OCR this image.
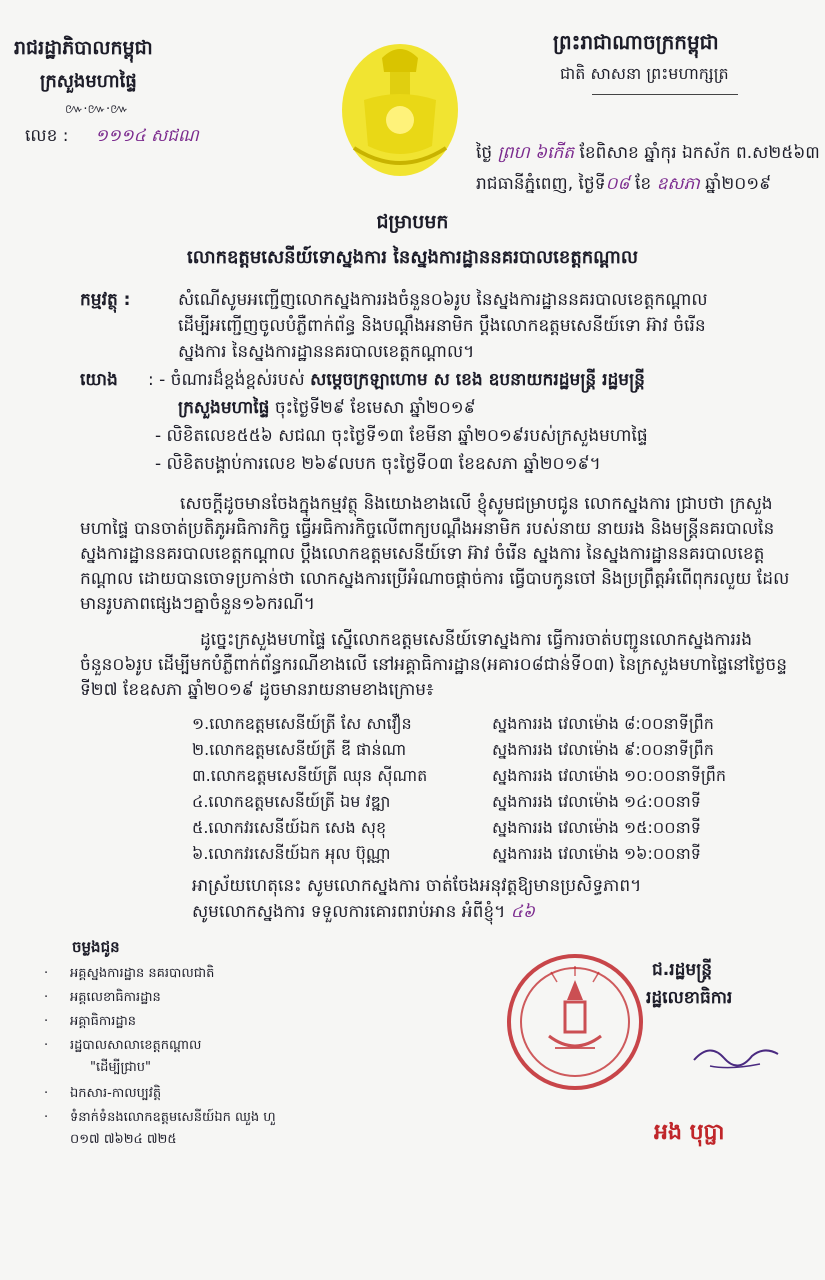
រាជរដ្ឋាភិបាលកម្ពុជា
ក្រសួងមហាផ្ទៃ
៚·៚·៚
លេខ : ១១១៤ សជណ
ព្រះរាជាណាចក្រកម្ពុជា
ជាតិ សាសនា ព្រះមហាក្សត្រ
ថ្ងៃ ព្រហ ៦កើត ខែពិសាខ ឆ្នាំកុរ ឯកស័ក ព.ស២៥៦៣
រាជធានីភ្នំពេញ, ថ្ងៃទី០៨ ខែ ឧសភា ឆ្នាំ២០១៩
ជម្រាបមក
លោកឧត្តមសេនីយ៍ទោស្នងការ នៃស្នងការដ្ឋាននគរបាលខេត្តកណ្តាល
កម្មវត្ថុ :	សំណើសូមអញ្ជើញលោកស្នងការរងចំនួន០៦រូប នៃស្នងការដ្ឋាននគរបាលខេត្តកណ្តាល
ដើម្បីអញ្ជើញចូលបំភ្លឺពាក់ព័ន្ធ និងបណ្តឹងអនាមិក ប្តឹងលោកឧត្តមសេនីយ៍ទោ អ៊ាវ ចំរើន
ស្នងការ នៃស្នងការដ្ឋាននគរបាលខេត្តកណ្តាល។
យោង : - ចំណារដ៏ខ្ពង់ខ្ពស់របស់ សម្តេចក្រឡាហោម ស ខេង ឧបនាយករដ្ឋមន្ត្រី រដ្ឋមន្ត្រី
ក្រសួងមហាផ្ទៃ ចុះថ្ងៃទី២៩ ខែមេសា ឆ្នាំ២០១៩
- លិខិតលេខ៥៥៦ សជណ ចុះថ្ងៃទី១៣ ខែមីនា ឆ្នាំ២០១៩របស់ក្រសួងមហាផ្ទៃ
- លិខិតបង្គាប់ការលេខ ២៦៩លបក ចុះថ្ងៃទី០៣ ខែឧសភា ឆ្នាំ២០១៩។
សេចក្តីដូចមានចែងក្នុងកម្មវត្ថុ និងយោងខាងលើ ខ្ញុំសូមជម្រាបជូន លោកស្នងការ ជ្រាបថា ក្រសួងមហាផ្ទៃ បានចាត់ប្រតិភូអធិការកិច្ច ធ្វើអធិការកិច្ចលើពាក្យបណ្តឹងអនាមិក របស់នាយ នាយរង និងមន្ត្រីនគរបាលនៃស្នងការដ្ឋាននគរបាលខេត្តកណ្តាល ប្តឹងលោកឧត្តមសេនីយ៍ទោ អ៊ាវ ចំរើន ស្នងការ នៃស្នងការដ្ឋាននគរបាលខេត្តកណ្តាល ដោយបានចោទប្រកាន់ថា លោកស្នងការប្រើអំណាចផ្តាច់ការ ធ្វើបាបកូនចៅ និងប្រព្រឹត្តអំពើពុករលួយ ដែលមានរូបភាពផ្សេងៗគ្នាចំនួន១៦ករណី។
ដូច្នេះក្រសួងមហាផ្ទៃ ស្នើលោកឧត្តមសេនីយ៍ទោស្នងការ ធ្វើការចាត់បញ្ជូនលោកស្នងការរងចំនួន០៦រូប ដើម្បីមកបំភ្លឺពាក់ព័ន្ធករណីខាងលើ នៅអគ្គាធិការដ្ឋាន(អគារ០៨ជាន់ទី០៣) នៃក្រសួងមហាផ្ទៃនៅថ្ងៃចន្ទ ទី២៧ ខែឧសភា ឆ្នាំ២០១៩ ដូចមានរាយនាមខាងក្រោម៖
១.លោកឧត្តមសេនីយ៍ត្រី សែ សាវឿន	ស្នងការរង វេលាម៉ោង ៨:០០នាទីព្រឹក
២.លោកឧត្តមសេនីយ៍ត្រី ឌី ផាន់ណា	ស្នងការរង វេលាម៉ោង ៩:០០នាទីព្រឹក
៣.លោកឧត្តមសេនីយ៍ត្រី ឈុន ស៊ីណាត	ស្នងការរង វេលាម៉ោង ១០:០០នាទីព្រឹក
៤.លោកឧត្តមសេនីយ៍ត្រី ឯម វឌ្ឍា	ស្នងការរង វេលាម៉ោង ១៤:០០នាទី
៥.លោកវរសេនីយ៍ឯក សេង សុខុ	ស្នងការរង វេលាម៉ោង ១៥:០០នាទី
៦.លោកវរសេនីយ៍ឯក អុល ប៊ុណ្ណា	ស្នងការរង វេលាម៉ោង ១៦:០០នាទី
អាស្រ័យហេតុនេះ សូមលោកស្នងការ ចាត់ចែងអនុវត្តឱ្យមានប្រសិទ្ធភាព។
សូមលោកស្នងការ ទទួលការគោរពរាប់អាន អំពីខ្ញុំ។ ៤៦
ចម្លងជូន
· អគ្គស្នងការដ្ឋាន នគរបាលជាតិ
· អគ្គលេខាធិការដ្ឋាន
· អគ្គាធិការដ្ឋាន
· រដ្ឋបាលសាលាខេត្តកណ្តាល
"ដើម្បីជ្រាប"
· ឯកសារ-កាលប្បវត្តិ
· ទំនាក់ទំនងលោកឧត្តមសេនីយ៍ឯក ឈួង ហួ
០១៧ ៧៦២៤ ៧២៥
ជ.រដ្ឋមន្ត្រី
រដ្ឋលេខាធិការ
អង បុប្ផា
